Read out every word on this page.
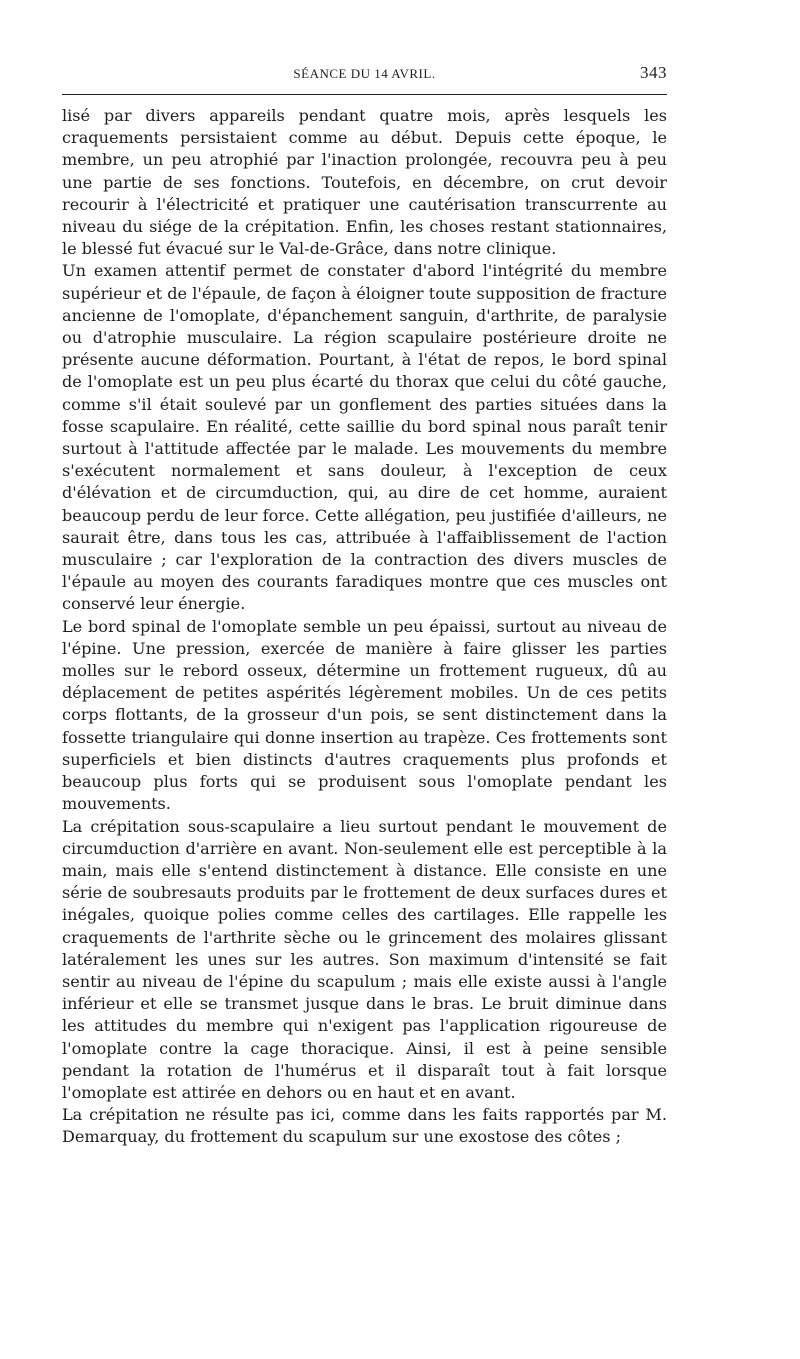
SÉANCE DU 14 AVRIL.	343

lisé par divers appareils pendant quatre mois, après lesquels les craquements persistaient comme au début. Depuis cette époque, le membre, un peu atrophié par l'inaction prolongée, recouvra peu à peu une partie de ses fonctions. Toutefois, en décembre, on crut devoir recourir à l'électricité et pratiquer une cautérisation transcurrente au niveau du siége de la crépitation. Enfin, les choses restant stationnaires, le blessé fut évacué sur le Val-de-Grâce, dans notre clinique.

Un examen attentif permet de constater d'abord l'intégrité du membre supérieur et de l'épaule, de façon à éloigner toute supposition de fracture ancienne de l'omoplate, d'épanchement sanguin, d'arthrite, de paralysie ou d'atrophie musculaire. La région scapulaire postérieure droite ne présente aucune déformation. Pourtant, à l'état de repos, le bord spinal de l'omoplate est un peu plus écarté du thorax que celui du côté gauche, comme s'il était soulevé par un gonflement des parties situées dans la fosse scapulaire. En réalité, cette saillie du bord spinal nous paraît tenir surtout à l'attitude affectée par le malade. Les mouvements du membre s'exécutent normalement et sans douleur, à l'exception de ceux d'élévation et de circumduction, qui, au dire de cet homme, auraient beaucoup perdu de leur force. Cette allégation, peu justifiée d'ailleurs, ne saurait être, dans tous les cas, attribuée à l'affaiblissement de l'action musculaire ; car l'exploration de la contraction des divers muscles de l'épaule au moyen des courants faradiques montre que ces muscles ont conservé leur énergie.

Le bord spinal de l'omoplate semble un peu épaissi, surtout au niveau de l'épine. Une pression, exercée de manière à faire glisser les parties molles sur le rebord osseux, détermine un frottement rugueux, dû au déplacement de petites aspérités légèrement mobiles. Un de ces petits corps flottants, de la grosseur d'un pois, se sent distinctement dans la fossette triangulaire qui donne insertion au trapèze. Ces frottements sont superficiels et bien distincts d'autres craquements plus profonds et beaucoup plus forts qui se produisent sous l'omoplate pendant les mouvements.

La crépitation sous-scapulaire a lieu surtout pendant le mouvement de circumduction d'arrière en avant. Non-seulement elle est perceptible à la main, mais elle s'entend distinctement à distance. Elle consiste en une série de soubresauts produits par le frottement de deux surfaces dures et inégales, quoique polies comme celles des cartilages. Elle rappelle les craquements de l'arthrite sèche ou le grincement des molaires glissant latéralement les unes sur les autres. Son maximum d'intensité se fait sentir au niveau de l'épine du scapulum ; mais elle existe aussi à l'angle inférieur et elle se transmet jusque dans le bras. Le bruit diminue dans les attitudes du membre qui n'exigent pas l'application rigoureuse de l'omoplate contre la cage thoracique. Ainsi, il est à peine sensible pendant la rotation de l'humérus et il disparaît tout à fait lorsque l'omoplate est attirée en dehors ou en haut et en avant.

La crépitation ne résulte pas ici, comme dans les faits rapportés par M. Demarquay, du frottement du scapulum sur une exostose des côtes ;
